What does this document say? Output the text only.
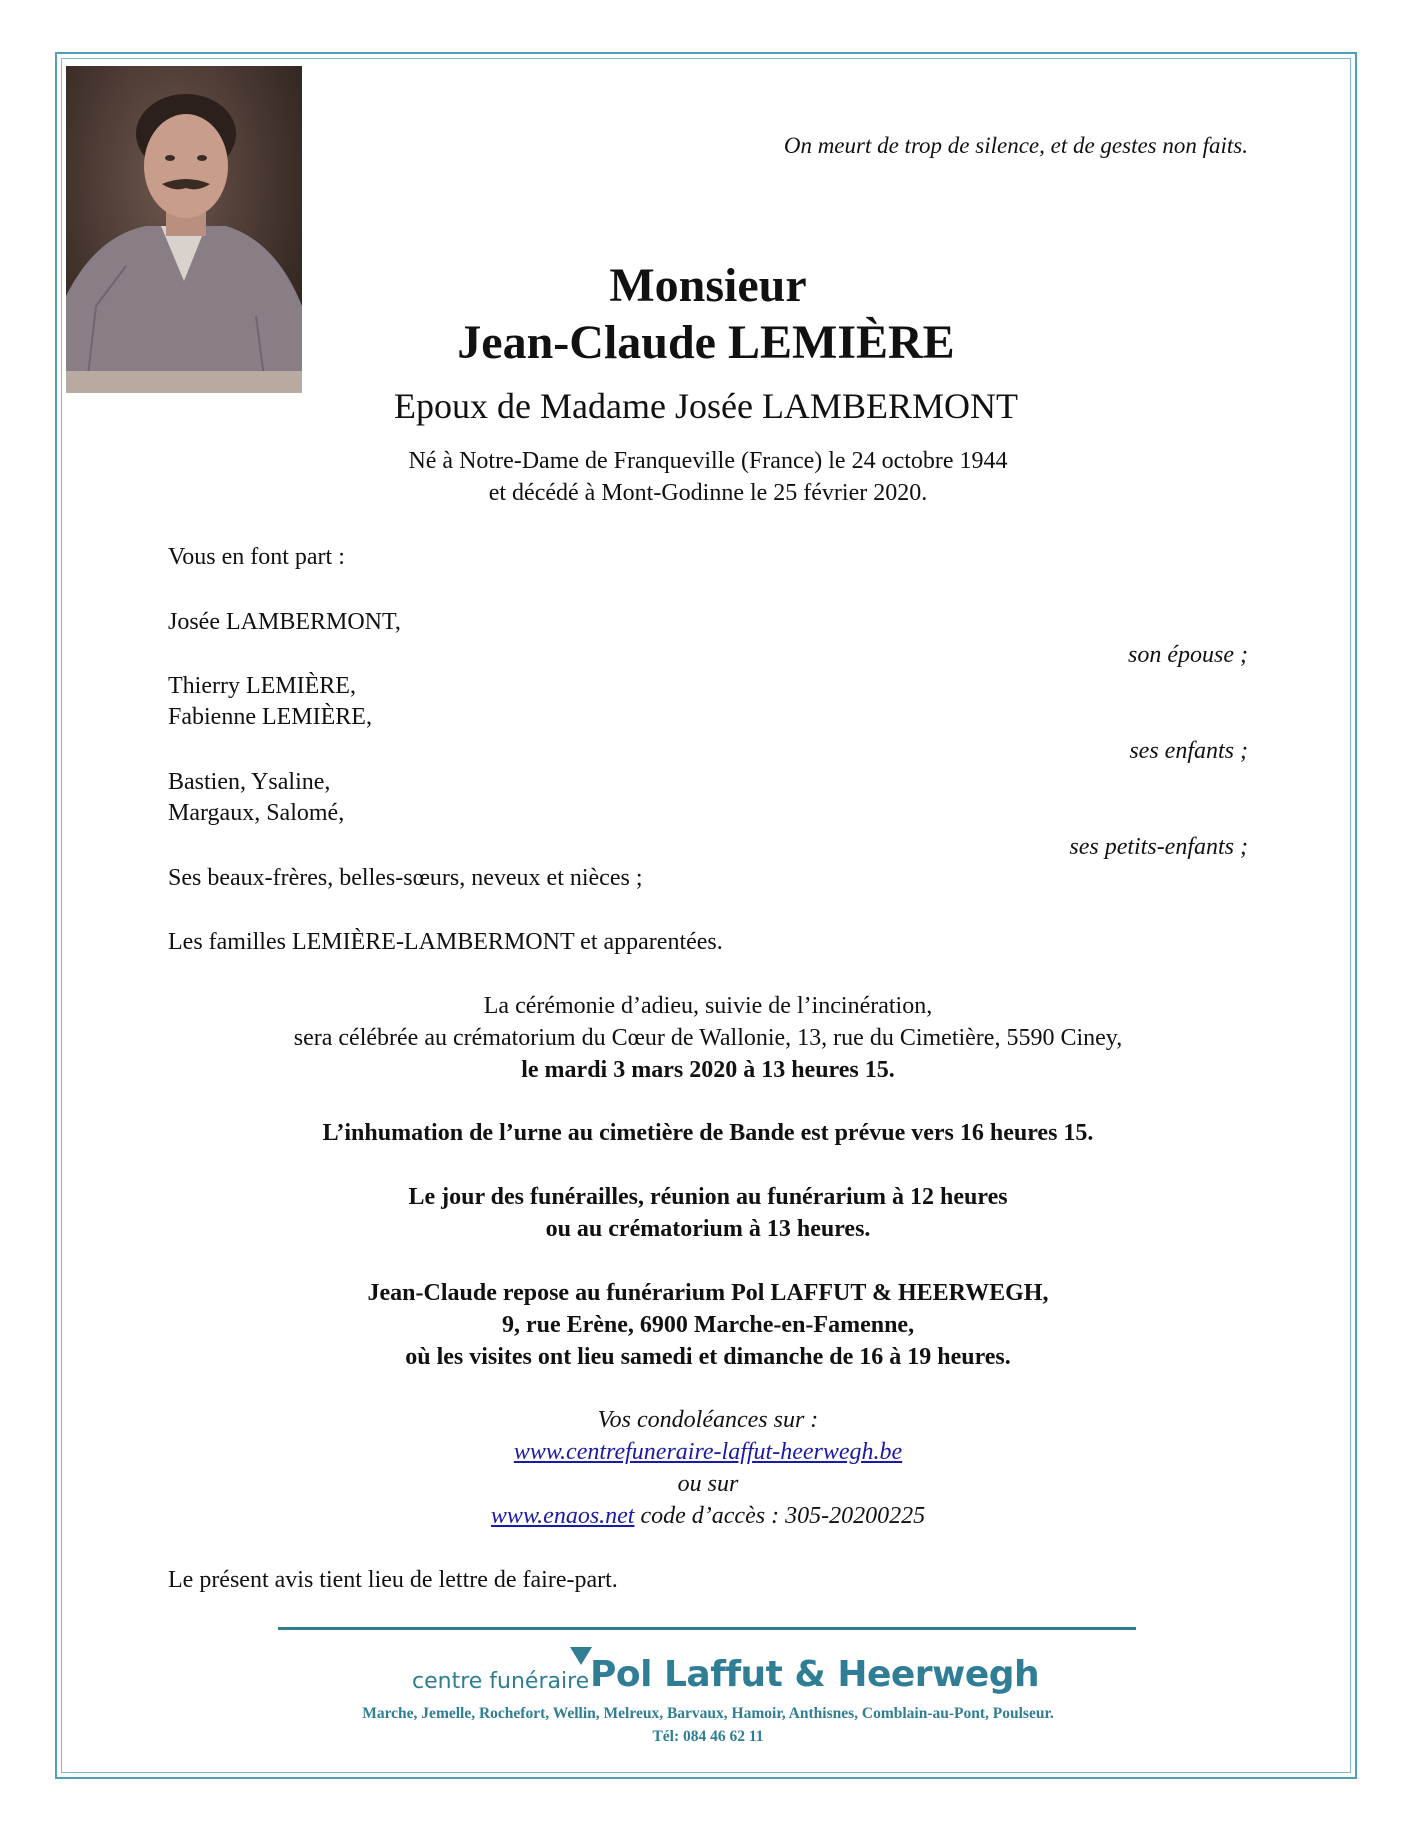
On meurt de trop de silence, et de gestes non faits.
Monsieur
Jean-Claude LEMIÈRE
Epoux de Madame Josée LAMBERMONT
Né à Notre-Dame de Franqueville (France) le 24 octobre 1944
et décédé à Mont-Godinne le 25 février 2020.
Vous en font part :
Josée LAMBERMONT,
son épouse ;
Thierry LEMIÈRE,
Fabienne LEMIÈRE,
ses enfants ;
Bastien, Ysaline,
Margaux, Salomé,
ses petits-enfants ;
Ses beaux-frères, belles-sœurs, neveux et nièces ;
Les familles LEMIÈRE-LAMBERMONT et apparentées.
La cérémonie d’adieu, suivie de l’incinération,
sera célébrée au crématorium du Cœur de Wallonie, 13, rue du Cimetière, 5590 Ciney,
le mardi 3 mars 2020 à 13 heures 15.
L’inhumation de l’urne au cimetière de Bande est prévue vers 16 heures 15.
Le jour des funérailles, réunion au funérarium à 12 heures
ou au crématorium à 13 heures.
Jean-Claude repose au funérarium Pol LAFFUT & HEERWEGH,
9, rue Erène, 6900 Marche-en-Famenne,
où les visites ont lieu samedi et dimanche de 16 à 19 heures.
Vos condoléances sur :
www.centrefuneraire-laffut-heerwegh.be
ou sur
www.enaos.net code d’accès : 305-20200225
Le présent avis tient lieu de lettre de faire-part.
centre funéraire Pol Laffut & Heerwegh
Marche, Jemelle, Rochefort, Wellin, Melreux, Barvaux, Hamoir, Anthisnes, Comblain-au-Pont, Poulseur.
Tél: 084 46 62 11
